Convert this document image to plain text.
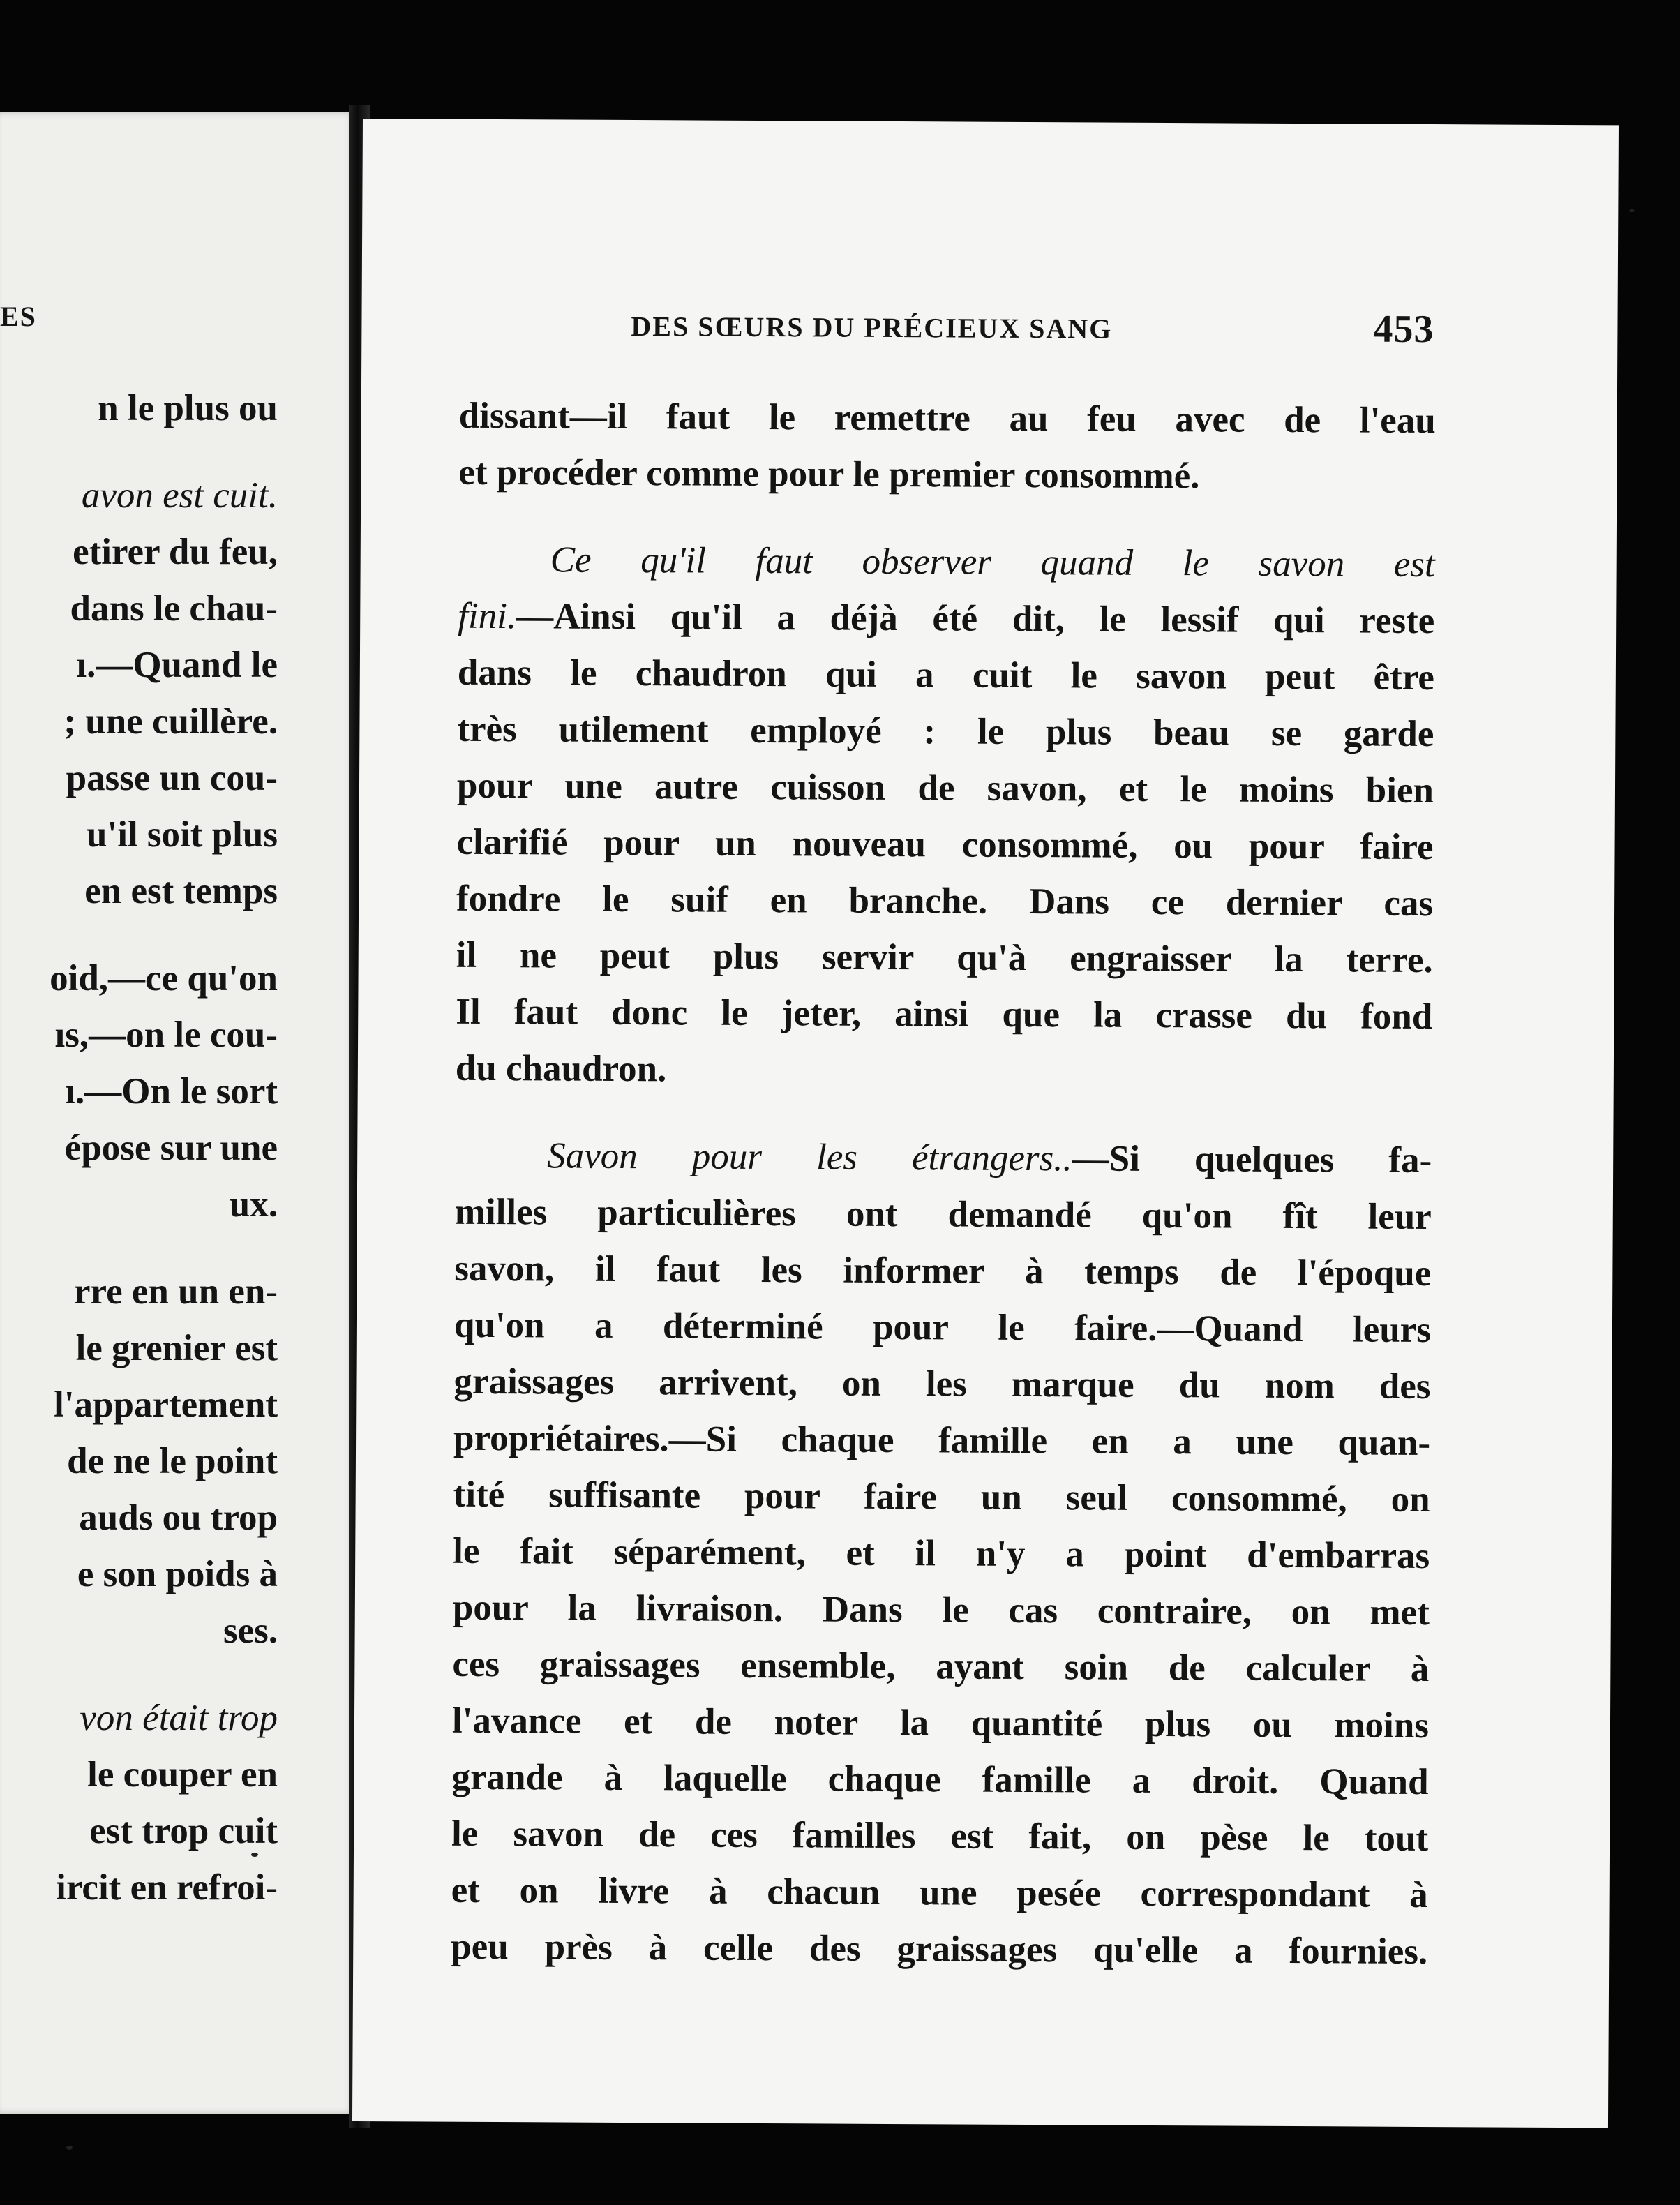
ES
n le plus ou
avon est cuit.
etirer du feu,
dans le chau-
ı.—Quand le
; une cuillère.
passe un cou-
u'il soit plus
en est temps
oid,—ce qu'on
ıs,—on le cou-
ı.—On le sort
épose sur une
ux.
rre en un en-
le grenier est
l'appartement
de ne le point
auds ou trop
e son poids à
ses.
von était trop
le couper en
est trop cuit
ircit en refroi-
DES SŒURS DU PRÉCIEUX SANG	453
dissant—il faut le remettre au feu avec de l'eau
et procéder comme pour le premier consommé.
Ce qu'il faut observer quand le savon est
fini.—Ainsi qu'il a déjà été dit, le lessif qui reste
dans le chaudron qui a cuit le savon peut être
très utilement employé : le plus beau se garde
pour une autre cuisson de savon, et le moins bien
clarifié pour un nouveau consommé, ou pour faire
fondre le suif en branche. Dans ce dernier cas
il ne peut plus servir qu'à engraisser la terre.
Il faut donc le jeter, ainsi que la crasse du fond
du chaudron.
Savon pour les étrangers..—Si quelques fa-
milles particulières ont demandé qu'on fît leur
savon, il faut les informer à temps de l'époque
qu'on a déterminé pour le faire.—Quand leurs
graissages arrivent, on les marque du nom des
propriétaires.—Si chaque famille en a une quan-
tité suffisante pour faire un seul consommé, on
le fait séparément, et il n'y a point d'embarras
pour la livraison. Dans le cas contraire, on met
ces graissages ensemble, ayant soin de calculer à
l'avance et de noter la quantité plus ou moins
grande à laquelle chaque famille a droit. Quand
le savon de ces familles est fait, on pèse le tout
et on livre à chacun une pesée correspondant à
peu près à celle des graissages qu'elle a fournies.
